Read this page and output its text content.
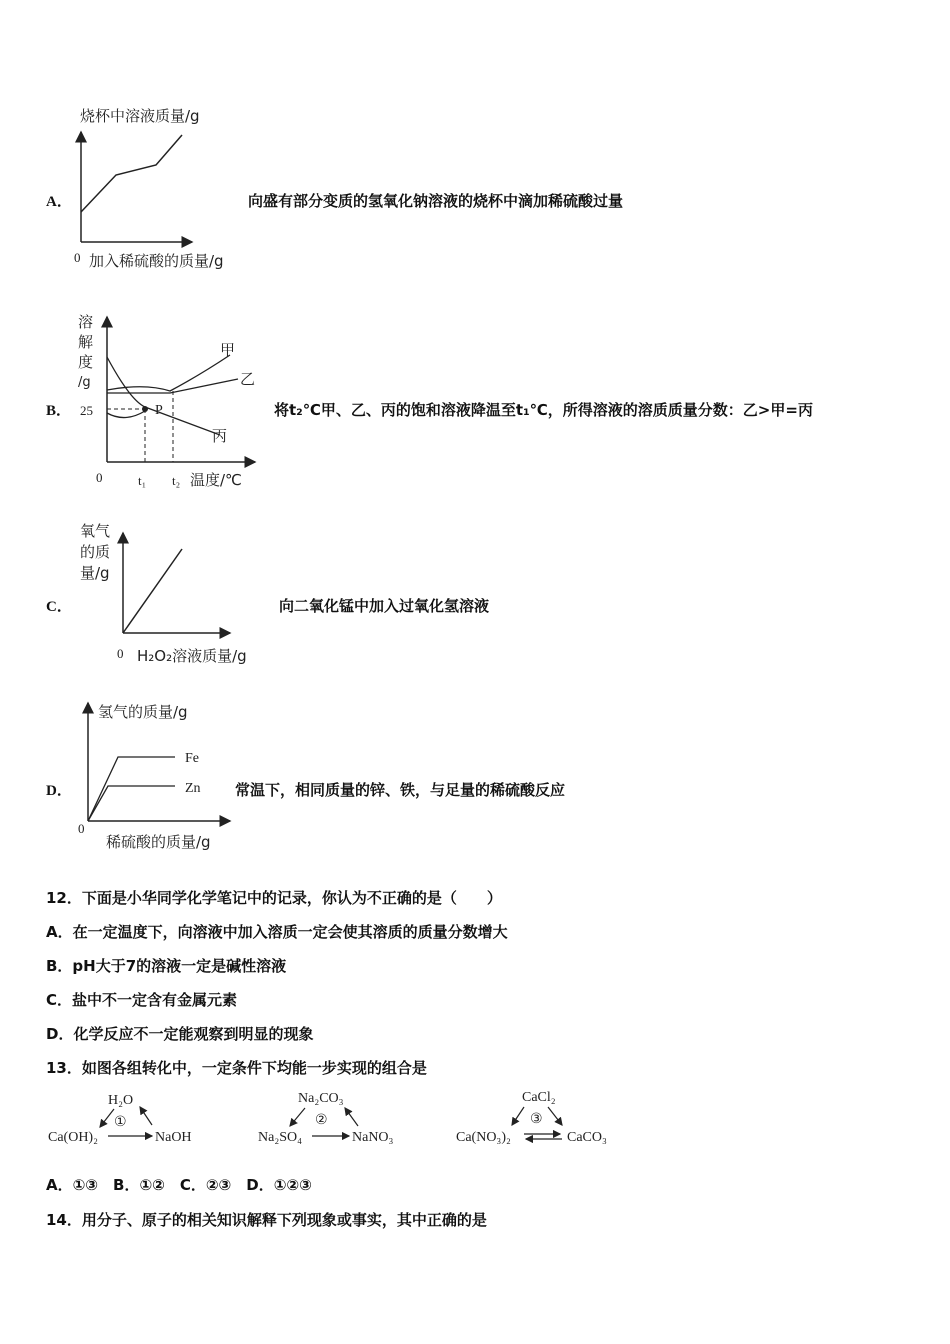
A．
烧杯中溶液质量/g
0 加入稀硫酸的质量/g
向盛有部分变质的氢氧化钠溶液的烧杯中滴加稀硫酸过量
B．
溶
解
度
/g
P
25
甲
乙
丙
0	t₁ t₂ 温度/℃
将t₂℃甲、乙、丙的饱和溶液降温至t₁℃，所得溶液的溶质质量分数：乙>甲=丙
C．
氧气
的质
量/g
0 H₂O₂溶液质量/g
向二氧化锰中加入过氧化氢溶液
D．
氢气的质量/g
Fe
Zn
0
稀硫酸的质量/g
常温下，相同质量的锌、铁，与足量的稀硫酸反应
12．下面是小华同学化学笔记中的记录，你认为不正确的是（　　）
A．在一定温度下，向溶液中加入溶质一定会使其溶质的质量分数增大
B．pH大于7的溶液一定是碱性溶液
C．盐中不一定含有金属元素
D．化学反应不一定能观察到明显的现象
13．如图各组转化中，一定条件下均能一步实现的组合是
H₂O
Ca(OH)₂	NaOH
①
Na₂CO₃
Na₂SO₄	NaNO₃
②
CaCl₂
Ca(NO₃)₂	CaCO₃
③
A．①③　B．①②　C．②③　D．①②③
14．用分子、原子的相关知识解释下列现象或事实，其中正确的是
